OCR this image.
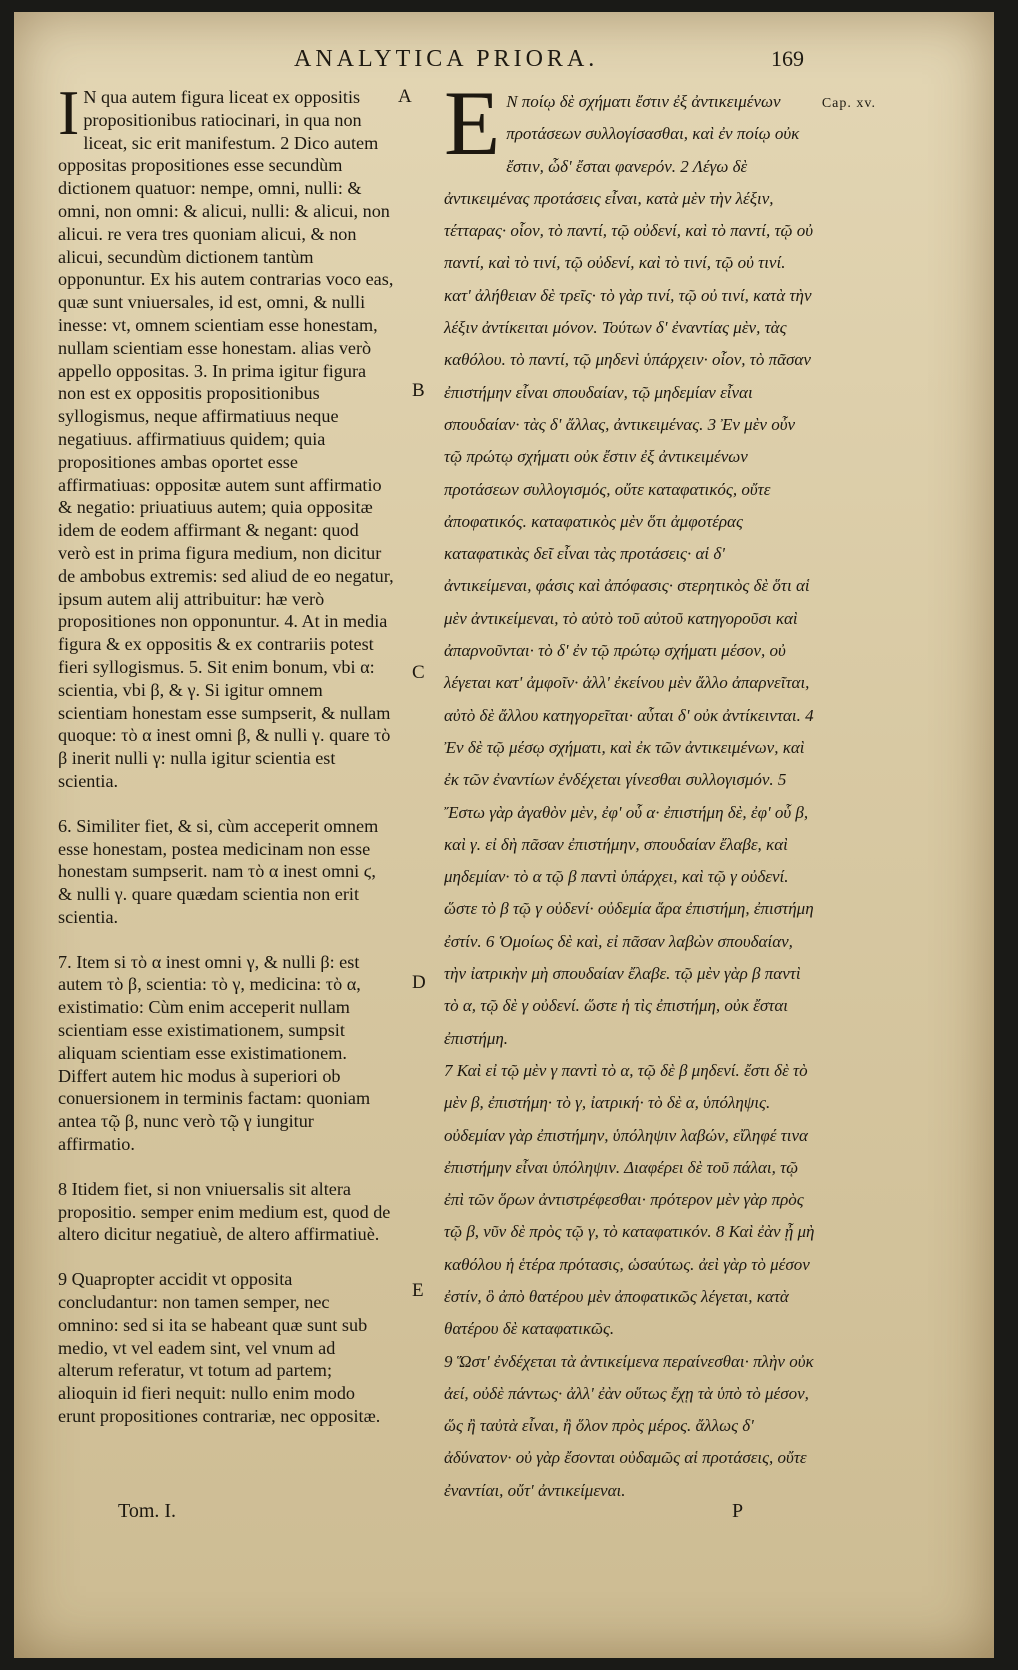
ANALYTICA PRIORA.	169
Cap. xv.

I N qua autem figura liceat ex oppositis propositionibus ratiocinari, in qua non liceat, sic erit manifestum. 2 Dico autem oppositas propositiones esse secundùm dictionem quatuor: nempe, omni, nulli: & omni, non omni: & alicui, nulli: & alicui, non alicui. re vera tres quoniam alicui, & non alicui, secundùm dictionem tantùm opponuntur. Ex his autem contrarias voco eas, quæ sunt vniuersales, id est, omni, & nulli inesse: vt, omnem scientiam esse honestam, nullam scientiam esse honestam. alias verò appello oppositas. 3. In prima igitur figura non est ex oppositis propositionibus syllogismus, neque affirmatiuus neque negatiuus. affirmatiuus quidem; quia propositiones ambas oportet esse affirmatiuas: oppositæ autem sunt affirmatio & negatio: priuatiuus autem; quia oppositæ idem de eodem affirmant & negant: quod verò est in prima figura medium, non dicitur de ambobus extremis: sed aliud de eo negatur, ipsum autem alij attribuitur: hæ verò propositiones non opponuntur. 4. At in media figura & ex oppositis & ex contrariis potest fieri syllogismus. 5. Sit enim bonum, vbi α: scientia, vbi β, & γ. Si igitur omnem scientiam honestam esse sumpserit, & nullam quoque: τὸ α inest omni β, & nulli γ. quare τὸ β inerit nulli γ: nulla igitur scientia est scientia.

6. Similiter fiet, & si, cùm acceperit omnem esse honestam, postea medicinam non esse honestam sumpserit. nam τὸ α inest omni ϛ, & nulli γ. quare quædam scientia non erit scientia.

7. Item si τὸ α inest omni γ, & nulli β: est autem τὸ β, scientia: τὸ γ, medicina: τὸ α, existimatio: Cùm enim acceperit nullam scientiam esse existimationem, sumpsit aliquam scientiam esse existimationem. Differt autem hic modus à superiori ob conuersionem in terminis factam: quoniam antea τῷ β, nunc verò τῷ γ iungitur affirmatio.

8 Itidem fiet, si non vniuersalis sit altera propositio. semper enim medium est, quod de altero dicitur negatiuè, de altero affirmatiuè.

9 Quapropter accidit vt opposita concludantur: non tamen semper, nec omnino: sed si ita se habeant quæ sunt sub medio, vt vel eadem sint, vel vnum ad alterum referatur, vt totum ad partem; alioquin id fieri nequit: nullo enim modo erunt propositiones contrariæ, nec oppositæ.

A
B
C
D
E

Ε Ν ποίῳ δὲ σχήματι ἔστιν ἐξ ἀντικειμένων προτάσεων συλλογίσασθαι, καὶ ἐν ποίῳ οὐκ ἔστιν, ὧδ' ἔσται φανερόν. 2 Λέγω δὲ ἀντικειμένας προτάσεις εἶναι, κατὰ μὲν τὴν λέξιν, τέτταρας· οἷον, τὸ παντί, τῷ οὐδενί, καὶ τὸ παντί, τῷ οὐ παντί, καὶ τὸ τινί, τῷ οὐδενί, καὶ τὸ τινί, τῷ οὐ τινί. κατ' ἀλήθειαν δὲ τρεῖς· τὸ γὰρ τινί, τῷ οὐ τινί, κατὰ τὴν λέξιν ἀντίκειται μόνον. Τούτων δ' ἐναντίας μὲν, τὰς καθόλου. τὸ παντί, τῷ μηδενὶ ὑπάρχειν· οἷον, τὸ πᾶσαν ἐπιστήμην εἶναι σπουδαίαν, τῷ μηδεμίαν εἶναι σπουδαίαν· τὰς δ' ἄλλας, ἀντικειμένας. 3 Ἐν μὲν οὖν τῷ πρώτῳ σχήματι οὐκ ἔστιν ἐξ ἀντικειμένων προτάσεων συλλογισμός, οὔτε καταφατικός, οὔτε ἀποφατικός. καταφατικὸς μὲν ὅτι ἀμφοτέρας καταφατικὰς δεῖ εἶναι τὰς προτάσεις· αἱ δ' ἀντικείμεναι, φάσις καὶ ἀπόφασις· στερητικὸς δὲ ὅτι αἱ μὲν ἀντικείμεναι, τὸ αὐτὸ τοῦ αὐτοῦ κατηγοροῦσι καὶ ἀπαρνοῦνται· τὸ δ' ἐν τῷ πρώτῳ σχήματι μέσον, οὐ λέγεται κατ' ἀμφοῖν· ἀλλ' ἐκείνου μὲν ἄλλο ἀπαρνεῖται, αὐτὸ δὲ ἄλλου κατηγορεῖται· αὗται δ' οὐκ ἀντίκεινται. 4 Ἐν δὲ τῷ μέσῳ σχήματι, καὶ ἐκ τῶν ἀντικειμένων, καὶ ἐκ τῶν ἐναντίων ἐνδέχεται γίνεσθαι συλλογισμόν. 5 Ἔστω γὰρ ἀγαθὸν μὲν, ἐφ' οὗ α· ἐπιστήμη δὲ, ἐφ' οὗ β, καὶ γ. εἰ δὴ πᾶσαν ἐπιστήμην, σπουδαίαν ἔλαβε, καὶ μηδεμίαν· τὸ α τῷ β παντὶ ὑπάρχει, καὶ τῷ γ οὐδενί. ὥστε τὸ β τῷ γ οὐδενί· οὐδεμία ἄρα ἐπιστήμη, ἐπιστήμη ἐστίν. 6 Ὁμοίως δὲ καὶ, εἰ πᾶσαν λαβὼν σπουδαίαν, τὴν ἰατρικὴν μὴ σπουδαίαν ἔλαβε. τῷ μὲν γὰρ β παντὶ τὸ α, τῷ δὲ γ οὐδενί. ὥστε ἡ τὶς ἐπιστήμη, οὐκ ἔσται ἐπιστήμη.

7 Καὶ εἰ τῷ μὲν γ παντὶ τὸ α, τῷ δὲ β μηδενί. ἔστι δὲ τὸ μὲν β, ἐπιστήμη· τὸ γ, ἰατρική· τὸ δὲ α, ὑπόληψις. οὐδεμίαν γὰρ ἐπιστήμην, ὑπόληψιν λαβών, εἴληφέ τινα ἐπιστήμην εἶναι ὑπόληψιν. Διαφέρει δὲ τοῦ πάλαι, τῷ ἐπὶ τῶν ὅρων ἀντιστρέφεσθαι· πρότερον μὲν γὰρ πρὸς τῷ β, νῦν δὲ πρὸς τῷ γ, τὸ καταφατικόν. 8 Καὶ ἐὰν ᾖ μὴ καθόλου ἡ ἑτέρα πρότασις, ὡσαύτως. ἀεὶ γὰρ τὸ μέσον ἐστίν, ὃ ἀπὸ θατέρου μὲν ἀποφατικῶς λέγεται, κατὰ θατέρου δὲ καταφατικῶς.

9 Ὥστ' ἐνδέχεται τὰ ἀντικείμενα περαίνεσθαι· πλὴν οὐκ ἀεί, οὐδὲ πάντως· ἀλλ' ἐὰν οὕτως ἔχῃ τὰ ὑπὸ τὸ μέσον, ὥς ἢ ταὐτὰ εἶναι, ἢ ὅλον πρὸς μέρος. ἄλλως δ' ἀδύνατον· οὐ γὰρ ἔσονται οὐδαμῶς αἱ προτάσεις, οὔτε ἐναντίαι, οὔτ' ἀντικείμεναι.

Tom. I.	P
